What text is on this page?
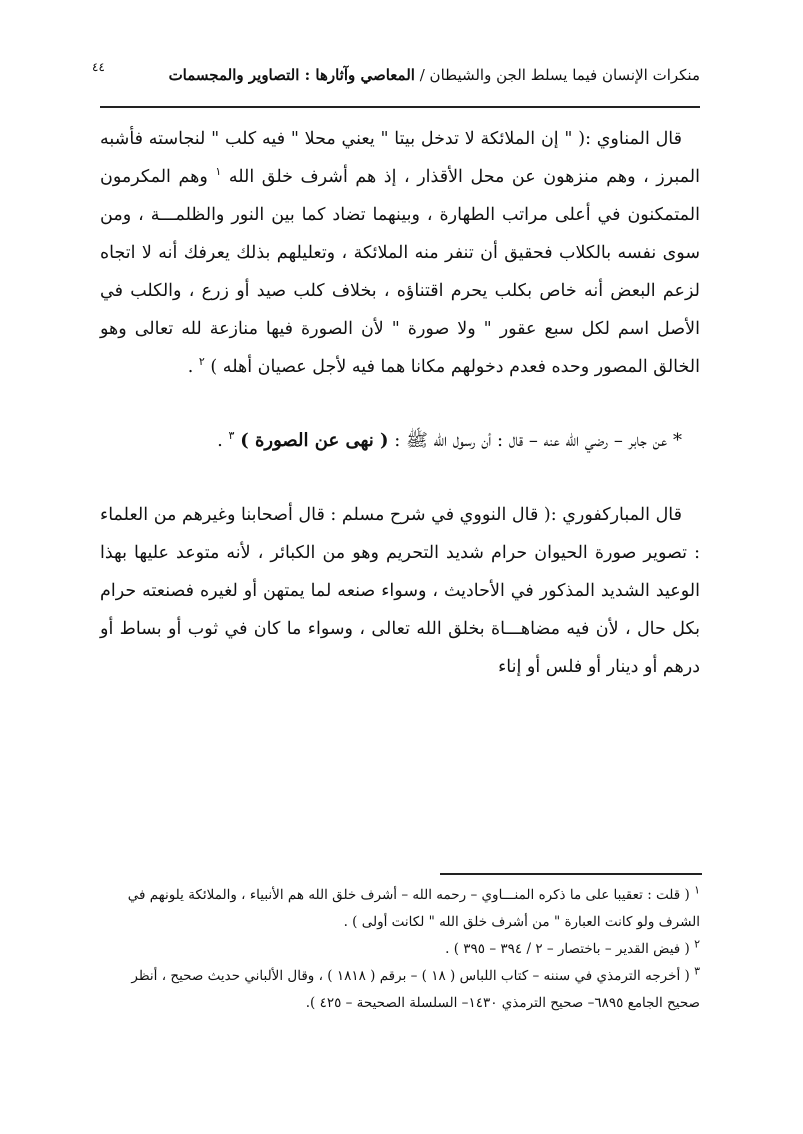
٤٤	منكرات الإنسان فيما يسلط الجن والشيطان / المعاصي وآثارها : التصاوير والمجسمات

قال المناوي :( " إن الملائكة لا تدخل بيتا " يعني محلا " فيه كلب " لنجاسته فأشبه المبرز ، وهم منزهون عن محل الأقذار ، إذ هم أشرف خلق الله $^١$ وهم المكرمون المتمكنون في أعلى مراتب الطهارة ، وبينهما تضاد كما بين النور والظلمـــة ، ومن سوى نفسه بالكلاب فحقيق أن تنفر منه الملائكة ، وتعليلهم بذلك يعرفك أنه لا اتجاه لزعم البعض أنه خاص بكلب يحرم اقتناؤه ، بخلاف كلب صيد أو زرع ، والكلب في الأصل اسم لكل سبع عقور " ولا صورة " لأن الصورة فيها منازعة لله تعالى وهو الخالق المصور وحده فعدم دخولهم مكانا هما فيه لأجل عصيان أهله ) $^٢$ .

* عن جابر – رضي الله عنه – قال : أن رسول الله ﷺ : ( نهى عن الصورة ) $^٣$ .

قال المباركفوري :( قال النووي في شرح مسلم : قال أصحابنا وغيرهم من العلماء : تصوير صورة الحيوان حرام شديد التحريم وهو من الكبائر ، لأنه متوعد عليها بهذا الوعيد الشديد المذكور في الأحاديث ، وسواء صنعه لما يمتهن أو لغيره فصنعته حرام بكل حال ، لأن فيه مضاهـــاة بخلق الله تعالى ، وسواء ما كان في ثوب أو بساط أو درهم أو دينار أو فلس أو إناء

$^١$ ( قلت : تعقيبا على ما ذكره المنـــاوي – رحمه الله – أشرف خلق الله هم الأنبياء ، والملائكة يلونهم في الشرف ولو كانت العبارة " من أشرف خلق الله " لكانت أولى ) .

$^٢$ ( فيض القدير – باختصار – ٢ / ٣٩٤ – ٣٩٥ ) .

$^٣$ ( أخرجه الترمذي في سننه – كتاب اللباس ( ١٨ ) – برقم ( ١٨١٨ ) ، وقال الألباني حديث صحيح ، أنظر صحيح الجامع ٦٨٩٥– صحيح الترمذي ١٤٣٠– السلسلة الصحيحة – ٤٢٥ ).
